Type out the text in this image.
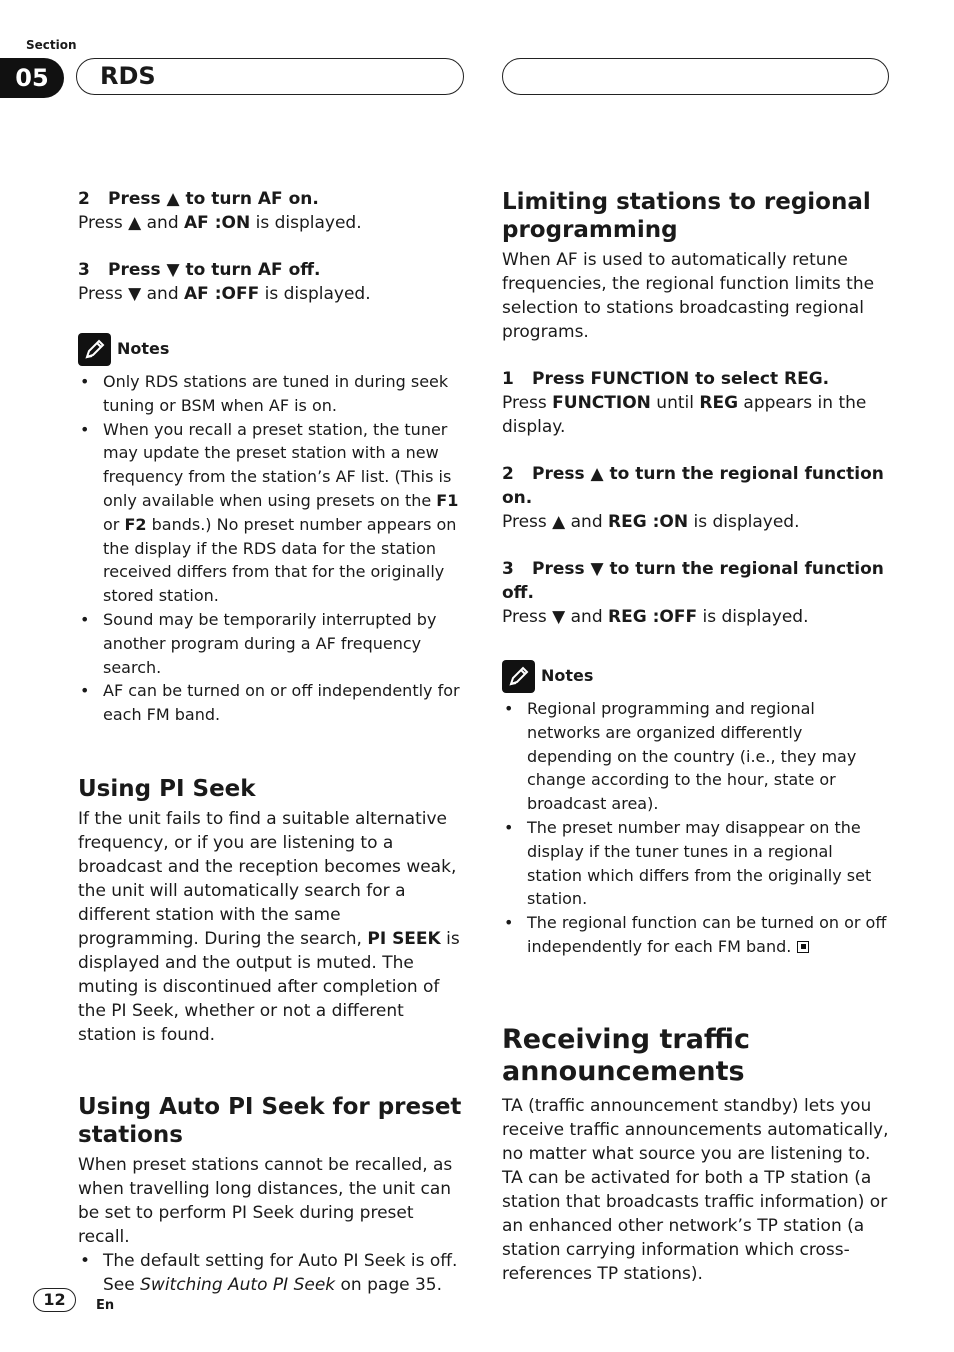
Section
05	RDS

2 Press ▲ to turn AF on.

Press ▲ and AF :ON is displayed.

3 Press ▼ to turn AF off.

Press ▼ and AF :OFF is displayed.

Notes
• Only RDS stations are tuned in during seek tuning or BSM when AF is on.
• When you recall a preset station, the tuner may update the preset station with a new frequency from the station’s AF list. (This is only available when using presets on the F1 or F2 bands.) No preset number appears on the display if the RDS data for the station received differs from that for the originally stored station.
• Sound may be temporarily interrupted by another program during a AF frequency search.
• AF can be turned on or off independently for each FM band.
Using PI Seek

If the unit fails to find a suitable alternative frequency, or if you are listening to a broadcast and the reception becomes weak, the unit will automatically search for a different station with the same programming. During the search, PI SEEK is displayed and the output is muted. The muting is discontinued after completion of the PI Seek, whether or not a different station is found.

Using Auto PI Seek for preset stations

When preset stations cannot be recalled, as when travelling long distances, the unit can be set to perform PI Seek during preset recall.

• The default setting for Auto PI Seek is off. See Switching Auto PI Seek on page 35.
Limiting stations to regional programming

When AF is used to automatically retune frequencies, the regional function limits the selection to stations broadcasting regional programs.

1 Press FUNCTION to select REG.

Press FUNCTION until REG appears in the display.

2 Press ▲ to turn the regional function on.

Press ▲ and REG :ON is displayed.

3 Press ▼ to turn the regional function off.

Press ▼ and REG :OFF is displayed.

Notes
• Regional programming and regional networks are organized differently depending on the country (i.e., they may change according to the hour, state or broadcast area).
• The preset number may disappear on the display if the tuner tunes in a regional station which differs from the originally set station.
• The regional function can be turned on or off independently for each FM band.
Receiving traffic announcements

TA (traffic announcement standby) lets you receive traffic announcements automatically, no matter what source you are listening to. TA can be activated for both a TP station (a station that broadcasts traffic information) or an enhanced other network’s TP station (a station carrying information which cross-references TP stations).

12	En
